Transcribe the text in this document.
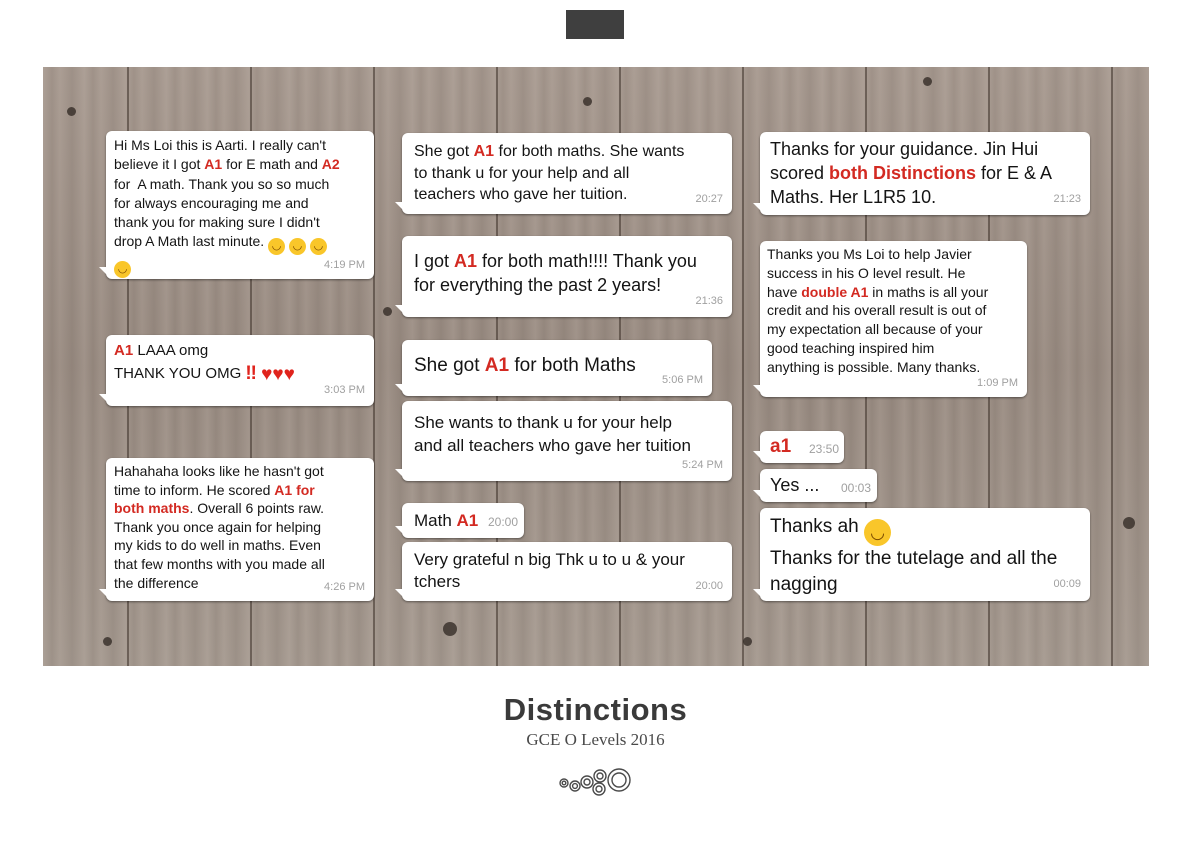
Hi Ms Loi this is Aarti. I really can't
believe it I got A1 for E math and A2
for  A math. Thank you so so much
for always encouraging me and
thank you for making sure I didn't
drop A Math last minute. ◡ ◡ ◡
◡	4:19 PM
A1 LAAA omg
THANK YOU OMG ‼ ♥♥♥
3:03 PM
Hahahaha looks like he hasn't got
time to inform. He scored A1 for
both maths. Overall 6 points raw.
Thank you once again for helping
my kids to do well in maths. Even
that few months with you made all
the difference	4:26 PM
She got A1 for both maths. She wants
to thank u for your help and all
teachers who gave her tuition.	20:27
I got A1 for both math!!!! Thank you
for everything the past 2 years!
21:36
She got A1 for both Maths
5:06 PM
She wants to thank u for your help
and all teachers who gave her tuition
5:24 PM
Math A1 20:00
Very grateful n big Thk u to u & your
tchers	20:00
Thanks for your guidance. Jin Hui
scored both Distinctions for E & A
Maths. Her L1R5 10.	21:23
Thanks you Ms Loi to help Javier
success in his O level result. He
have double A1 in maths is all your
credit and his overall result is out of
my expectation all because of your
good teaching inspired him
anything is possible. Many thanks.
1:09 PM
a1	23:50
Yes ...	00:03
Thanks ah ◡
Thanks for the tutelage and all the
nagging	00:09
Distinctions
GCE O Levels 2016
